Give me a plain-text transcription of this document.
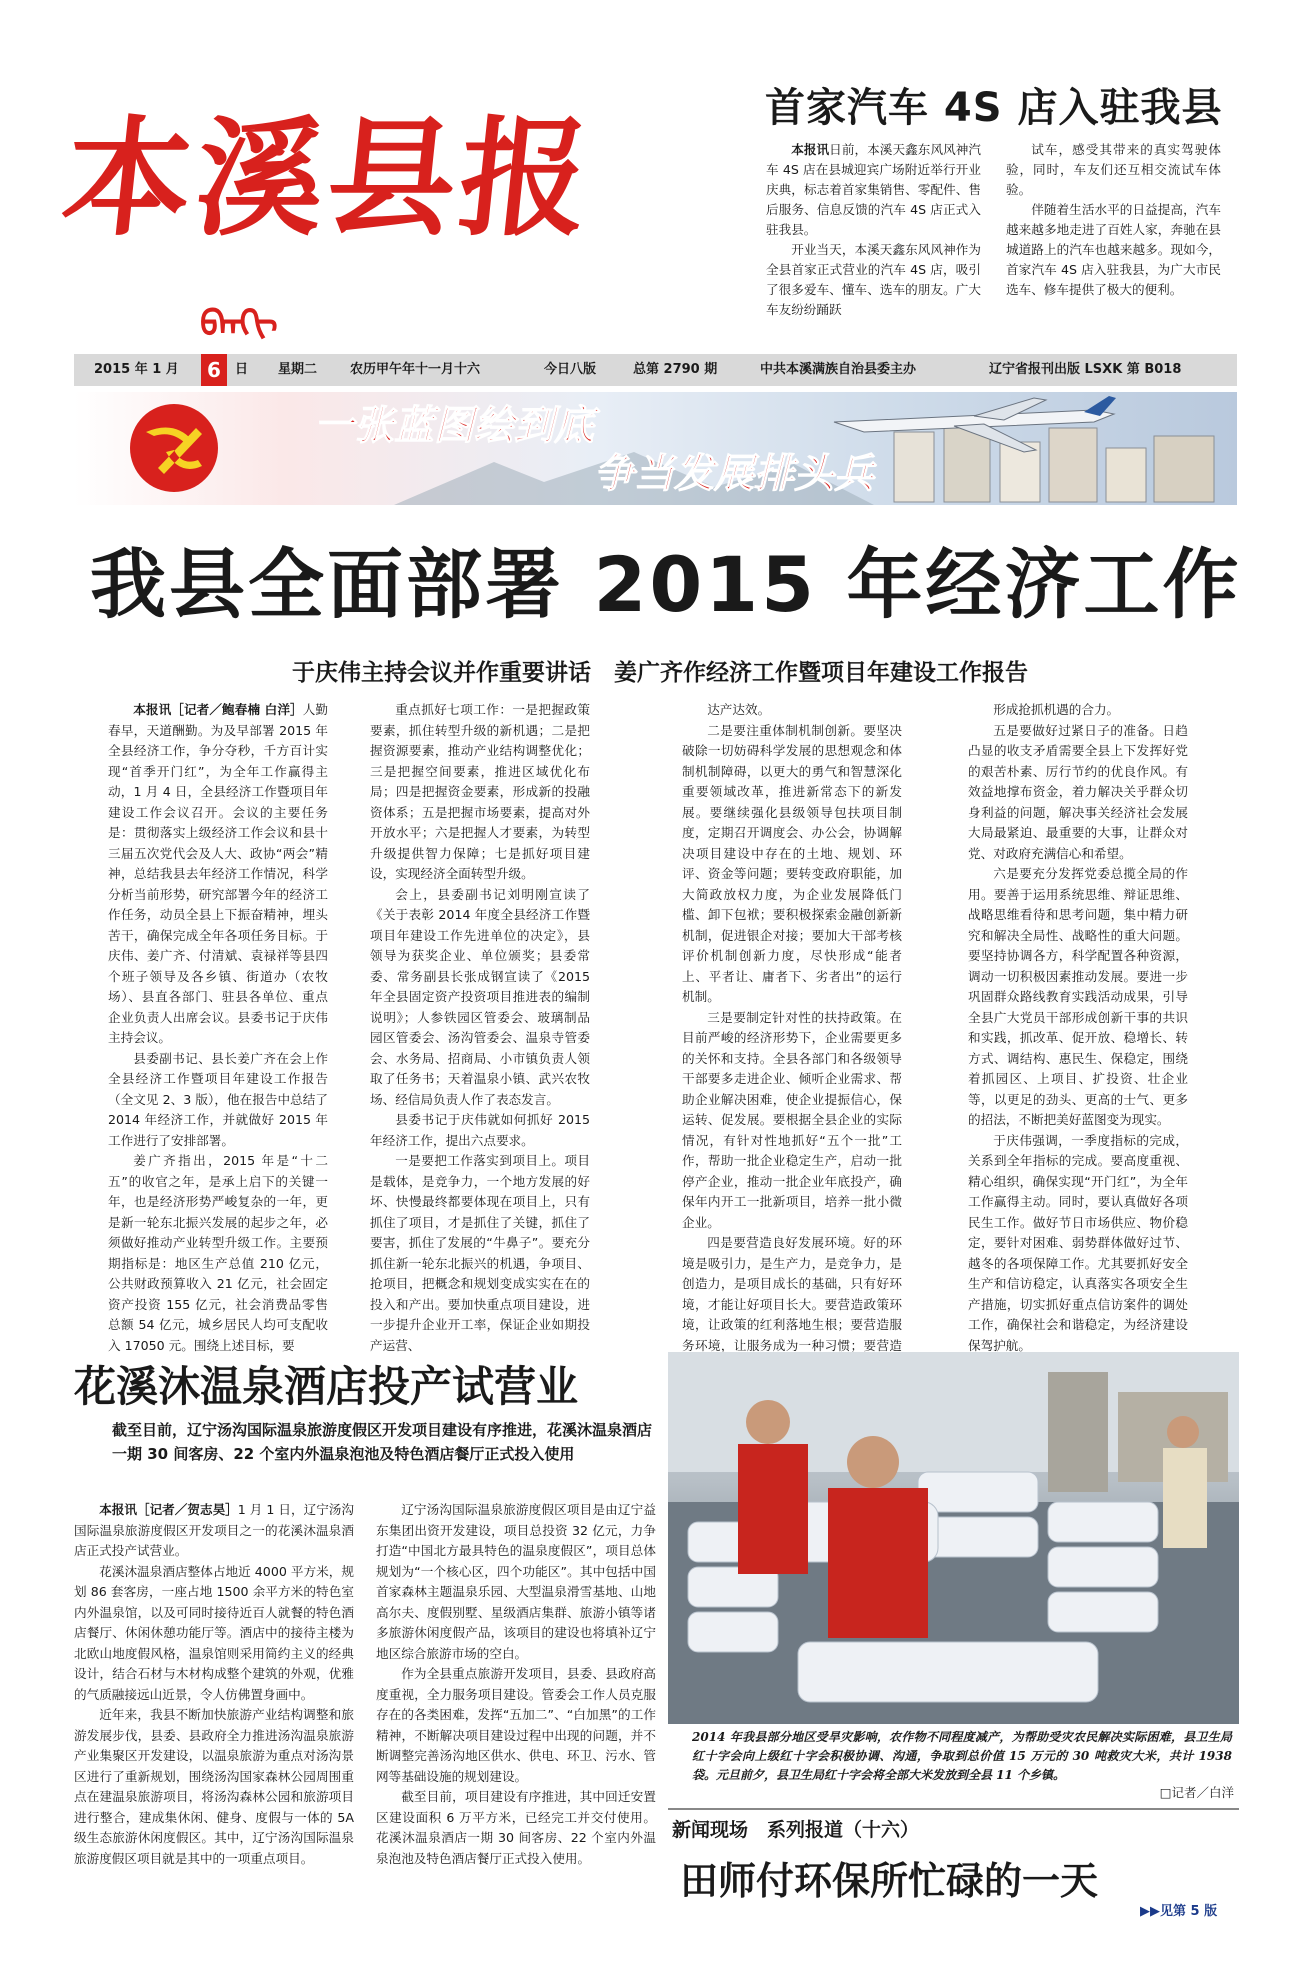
本溪县报
ᠪᠡᠨᠬᠢ
首家汽车 4S 店入驻我县

本报讯日前，本溪天鑫东风风神汽车 4S 店在县城迎宾广场附近举行开业庆典，标志着首家集销售、零配件、售后服务、信息反馈的汽车 4S 店正式入驻我县。

开业当天，本溪天鑫东风风神作为全县首家正式营业的汽车 4S 店，吸引了很多爱车、懂车、选车的朋友。广大车友纷纷踊跃

试车，感受其带来的真实驾驶体验，同时，车友们还互相交流试车体验。

伴随着生活水平的日益提高，汽车越来越多地走进了百姓人家，奔驰在县城道路上的汽车也越来越多。现如今，首家汽车 4S 店入驻我县，为广大市民选车、修车提供了极大的便利。

2015 年 1 月	6	日 星期二	农历甲午年十一月十六	今日八版	总第 2790 期	中共本溪满族自治县委主办	辽宁省报刊出版 LSXK 第 B018
一张蓝图绘到底
争当发展排头兵
我县全面部署 2015 年经济工作
于庆伟主持会议并作重要讲话　姜广齐作经济工作暨项目年建设工作报告

本报讯［记者／鲍春楠 白洋］人勤春早，天道酬勤。为及早部署 2015 年全县经济工作，争分夺秒，千方百计实现“首季开门红”，为全年工作赢得主动，1 月 4 日，全县经济工作暨项目年建设工作会议召开。会议的主要任务是：贯彻落实上级经济工作会议和县十三届五次党代会及人大、政协“两会”精神，总结我县去年经济工作情况，科学分析当前形势，研究部署今年的经济工作任务，动员全县上下振奋精神，埋头苦干，确保完成全年各项任务目标。于庆伟、姜广齐、付清斌、袁禄祥等县四个班子领导及各乡镇、街道办（农牧场）、县直各部门、驻县各单位、重点企业负责人出席会议。县委书记于庆伟主持会议。

县委副书记、县长姜广齐在会上作全县经济工作暨项目年建设工作报告（全文见 2、3 版），他在报告中总结了 2014 年经济工作，并就做好 2015 年工作进行了安排部署。

姜广齐指出，2015 年是“十二五”的收官之年，是承上启下的关键一年，也是经济形势严峻复杂的一年，更是新一轮东北振兴发展的起步之年，必须做好推动产业转型升级工作。主要预期指标是：地区生产总值 210 亿元，公共财政预算收入 21 亿元，社会固定资产投资 155 亿元，社会消费品零售总额 54 亿元，城乡居民人均可支配收入 17050 元。围绕上述目标，要

重点抓好七项工作：一是把握政策要素，抓住转型升级的新机遇；二是把握资源要素，推动产业结构调整优化；三是把握空间要素，推进区域优化布局；四是把握资金要素，形成新的投融资体系；五是把握市场要素，提高对外开放水平；六是把握人才要素，为转型升级提供智力保障；七是抓好项目建设，实现经济全面转型升级。

会上，县委副书记刘明刚宣读了《关于表彰 2014 年度全县经济工作暨项目年建设工作先进单位的决定》，县领导为获奖企业、单位颁奖；县委常委、常务副县长张成钢宣读了《2015 年全县固定资产投资项目推进表的编制说明》；人参铁园区管委会、玻璃制品园区管委会、汤沟管委会、温泉寺管委会、水务局、招商局、小市镇负责人领取了任务书；天着温泉小镇、武兴农牧场、经信局负责人作了表态发言。

县委书记于庆伟就如何抓好 2015 年经济工作，提出六点要求。

一是要把工作落实到项目上。项目是载体，是竞争力，一个地方发展的好坏、快慢最终都要体现在项目上，只有抓住了项目，才是抓住了关键，抓住了要害，抓住了发展的“牛鼻子”。要充分抓住新一轮东北振兴的机遇，争项目、抢项目，把概念和规划变成实实在在的投入和产出。要加快重点项目建设，进一步提升企业开工率，保证企业如期投产运营、

达产达效。

二是要注重体制机制创新。要坚决破除一切妨碍科学发展的思想观念和体制机制障碍，以更大的勇气和智慧深化重要领域改革，推进新常态下的新发展。要继续强化县级领导包扶项目制度，定期召开调度会、办公会，协调解决项目建设中存在的土地、规划、环评、资金等问题；要转变政府职能，加大简政放权力度，为企业发展降低门槛、卸下包袱；要积极探索金融创新新机制，促进银企对接；要加大干部考核评价机制创新力度，尽快形成“能者上、平者让、庸者下、劣者出”的运行机制。

三是要制定针对性的扶持政策。在目前严峻的经济形势下，企业需要更多的关怀和支持。全县各部门和各级领导干部要多走进企业、倾听企业需求、帮助企业解决困难，使企业提振信心，保运转、促发展。要根据全县企业的实际情况，有针对性地抓好“五个一批”工作，帮助一批企业稳定生产，启动一批停产企业，推动一批企业年底投产，确保年内开工一批新项目，培养一批小微企业。

四是要营造良好发展环境。好的环境是吸引力，是生产力，是竞争力，是创造力，是项目成长的基础，只有好环境，才能让好项目长大。要营造政策环境，让政策的红利落地生根；要营造服务环境，让服务成为一种习惯；要营造

形成抢抓机遇的合力。

五是要做好过紧日子的准备。日趋凸显的收支矛盾需要全县上下发挥好党的艰苦朴素、厉行节约的优良作风。有效益地撑布资金，着力解决关乎群众切身利益的问题，解决事关经济社会发展大局最紧迫、最重要的大事，让群众对党、对政府充满信心和希望。

六是要充分发挥党委总揽全局的作用。要善于运用系统思维、辩证思维、战略思维看待和思考问题，集中精力研究和解决全局性、战略性的重大问题。要坚持协调各方，科学配置各种资源，调动一切积极因素推动发展。要进一步巩固群众路线教育实践活动成果，引导全县广大党员干部形成创新干事的共识和实践，抓改革、促开放、稳增长、转方式、调结构、惠民生、保稳定，围绕着抓园区、上项目、扩投资、壮企业等，以更足的劲头、更高的士气、更多的招法，不断把美好蓝图变为现实。

于庆伟强调，一季度指标的完成，关系到全年指标的完成。要高度重视、精心组织，确保实现“开门红”，为全年工作赢得主动。同时，要认真做好各项民生工作。做好节日市场供应、物价稳定，要针对困难、弱势群体做好过节、越冬的各项保障工作。尤其要抓好安全生产和信访稳定，认真落实各项安全生产措施，切实抓好重点信访案件的调处工作，确保社会和谐稳定，为经济建设保驾护航。

花溪沐温泉酒店投产试营业
截至目前，辽宁汤沟国际温泉旅游度假区开发项目建设有序推进，花溪沐温泉酒店一期 30 间客房、22 个室内外温泉泡池及特色酒店餐厅正式投入使用

本报讯［记者／贺志昊］1 月 1 日，辽宁汤沟国际温泉旅游度假区开发项目之一的花溪沐温泉酒店正式投产试营业。

花溪沐温泉酒店整体占地近 4000 平方米，规划 86 套客房，一座占地 1500 余平方米的特色室内外温泉馆，以及可同时接待近百人就餐的特色酒店餐厅、休闲休憩功能厅等。酒店中的接待主楼为北欧山地度假风格，温泉馆则采用简约主义的经典设计，结合石材与木材构成整个建筑的外观，优雅的气质融接远山近景，令人仿佛置身画中。

近年来，我县不断加快旅游产业结构调整和旅游发展步伐，县委、县政府全力推进汤沟温泉旅游产业集聚区开发建设，以温泉旅游为重点对汤沟景区进行了重新规划，围绕汤沟国家森林公园周围重点在建温泉旅游项目，将汤沟森林公园和旅游项目进行整合，建成集休闲、健身、度假与一体的 5A 级生态旅游休闲度假区。其中，辽宁汤沟国际温泉旅游度假区项目就是其中的一项重点项目。

辽宁汤沟国际温泉旅游度假区项目是由辽宁益东集团出资开发建设，项目总投资 32 亿元，力争打造“中国北方最具特色的温泉度假区”，项目总体规划为“一个核心区，四个功能区”。其中包括中国首家森林主题温泉乐园、大型温泉滑雪基地、山地高尔夫、度假别墅、星级酒店集群、旅游小镇等诸多旅游休闲度假产品，该项目的建设也将填补辽宁地区综合旅游市场的空白。

作为全县重点旅游开发项目，县委、县政府高度重视，全力服务项目建设。管委会工作人员克服存在的各类困难，发挥“五加二”、“白加黑”的工作精神，不断解决项目建设过程中出现的问题，并不断调整完善汤沟地区供水、供电、环卫、污水、管网等基础设施的规划建设。

截至目前，项目建设有序推进，其中回迁安置区建设面积 6 万平方米，已经完工并交付使用。花溪沐温泉酒店一期 30 间客房、22 个室内外温泉泡池及特色酒店餐厅正式投入使用。

2014 年我县部分地区受旱灾影响，农作物不同程度减产，为帮助受灾农民解决实际困难，县卫生局红十字会向上级红十字会积极协调、沟通，争取到总价值 15 万元的 30 吨救灾大米，共计 1938 袋。元旦前夕，县卫生局红十字会将全部大米发放到全县 11 个乡镇。
□记者／白洋
新闻现场　系列报道（十六）
田师付环保所忙碌的一天
▶▶见第 5 版
